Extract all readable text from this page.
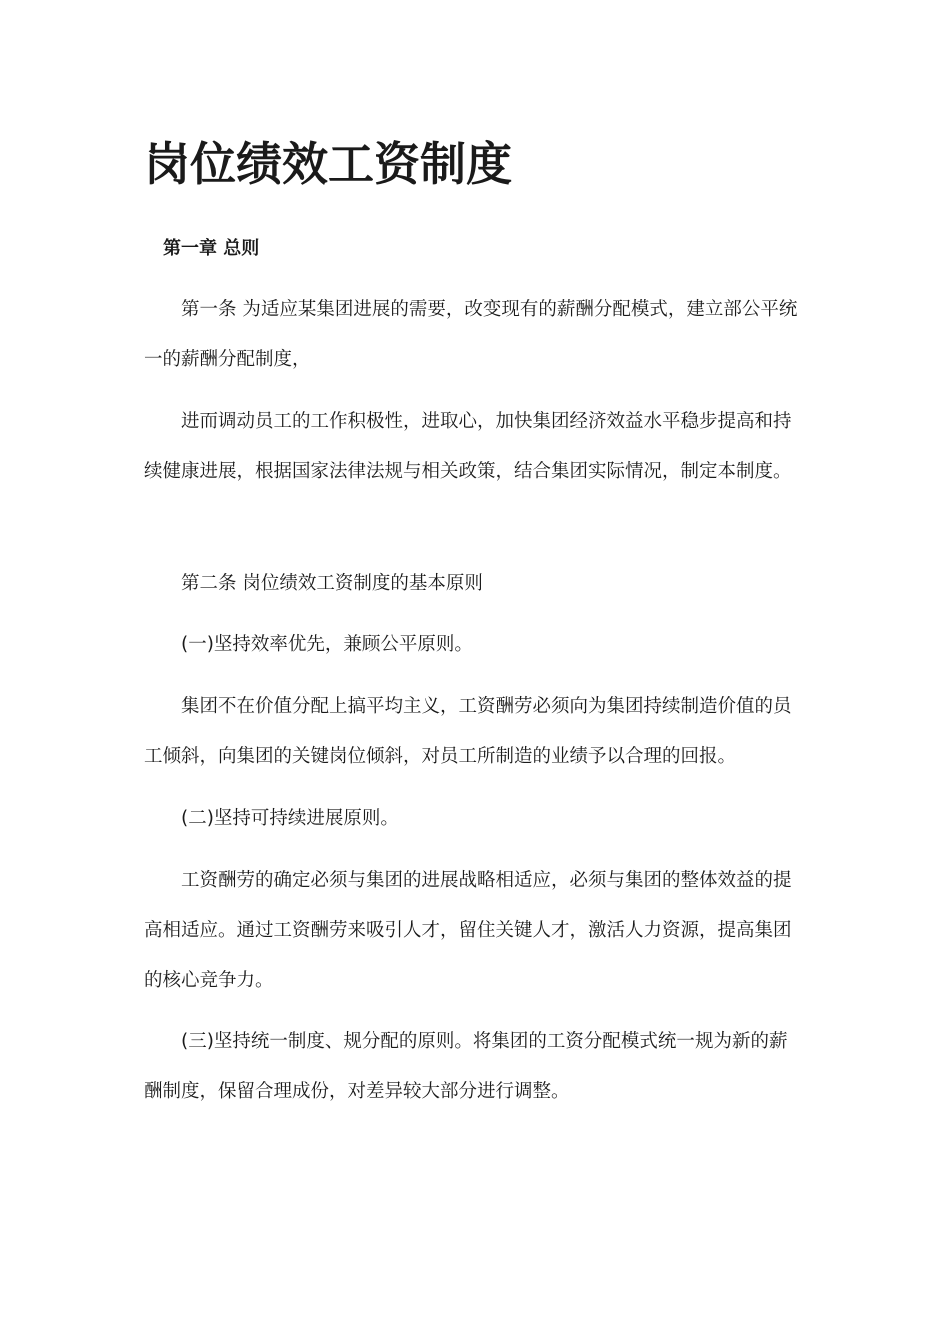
岗位绩效工资制度
第一章 总则

第一条 为适应某集团进展的需要，改变现有的薪酬分配模式，建立部公平统一的薪酬分配制度，

进而调动员工的工作积极性，进取心，加快集团经济效益水平稳步提高和持续健康进展，根据国家法律法规与相关政策，结合集团实际情况，制定本制度。

第二条 岗位绩效工资制度的基本原则

(一)坚持效率优先，兼顾公平原则。

集团不在价值分配上搞平均主义，工资酬劳必须向为集团持续制造价值的员工倾斜，向集团的关键岗位倾斜，对员工所制造的业绩予以合理的回报。

(二)坚持可持续进展原则。

工资酬劳的确定必须与集团的进展战略相适应，必须与集团的整体效益的提高相适应。通过工资酬劳来吸引人才，留住关键人才，激活人力资源，提高集团的核心竞争力。

(三)坚持统一制度、规分配的原则。将集团的工资分配模式统一规为新的薪酬制度，保留合理成份，对差异较大部分进行调整。
